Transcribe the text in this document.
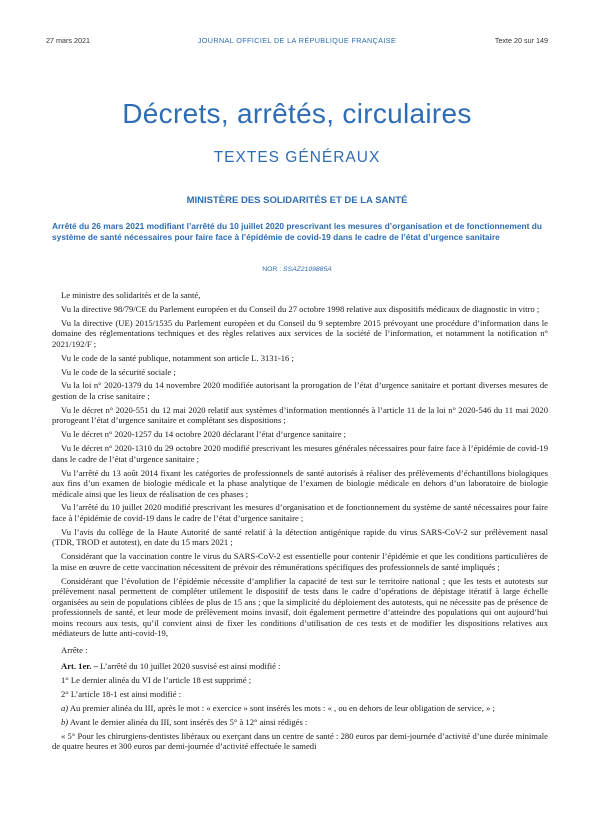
27 mars 2021	JOURNAL OFFICIEL DE LA RÉPUBLIQUE FRANÇAISE	Texte 20 sur 149
Décrets, arrêtés, circulaires
TEXTES GÉNÉRAUX
MINISTÈRE DES SOLIDARITÉS ET DE LA SANTÉ
Arrêté du 26 mars 2021 modifiant l’arrêté du 10 juillet 2020 prescrivant les mesures d’organisation et de fonctionnement du système de santé nécessaires pour faire face à l’épidémie de covid-19 dans le cadre de l’état d’urgence sanitaire
NOR : SSAZ2109885A

Le ministre des solidarités et de la santé,

Vu la directive 98/79/CE du Parlement européen et du Conseil du 27 octobre 1998 relative aux dispositifs médicaux de diagnostic in vitro ;

Vu la directive (UE) 2015/1535 du Parlement européen et du Conseil du 9 septembre 2015 prévoyant une procédure d’information dans le domaine des réglementations techniques et des règles relatives aux services de la société de l’information, et notamment la notification n° 2021/192/F ;

Vu le code de la santé publique, notamment son article L. 3131-16 ;

Vu le code de la sécurité sociale ;

Vu la loi n° 2020-1379 du 14 novembre 2020 modifiée autorisant la prorogation de l’état d’urgence sanitaire et portant diverses mesures de gestion de la crise sanitaire ;

Vu le décret n° 2020-551 du 12 mai 2020 relatif aux systèmes d’information mentionnés à l’article 11 de la loi n° 2020-546 du 11 mai 2020 prorogeant l’état d’urgence sanitaire et complétant ses dispositions ;

Vu le décret n° 2020-1257 du 14 octobre 2020 déclarant l’état d’urgence sanitaire ;

Vu le décret n° 2020-1310 du 29 octobre 2020 modifié prescrivant les mesures générales nécessaires pour faire face à l’épidémie de covid-19 dans le cadre de l’état d’urgence sanitaire ;

Vu l’arrêté du 13 août 2014 fixant les catégories de professionnels de santé autorisés à réaliser des prélèvements d’échantillons biologiques aux fins d’un examen de biologie médicale et la phase analytique de l’examen de biologie médicale en dehors d’un laboratoire de biologie médicale ainsi que les lieux de réalisation de ces phases ;

Vu l’arrêté du 10 juillet 2020 modifié prescrivant les mesures d’organisation et de fonctionnement du système de santé nécessaires pour faire face à l’épidémie de covid-19 dans le cadre de l’état d’urgence sanitaire ;

Vu l’avis du collège de la Haute Autorité de santé relatif à la détection antigénique rapide du virus SARS-CoV-2 sur prélèvement nasal (TDR, TROD et autotest), en date du 15 mars 2021 ;

Considérant que la vaccination contre le virus du SARS-CoV-2 est essentielle pour contenir l’épidémie et que les conditions particulières de la mise en œuvre de cette vaccination nécessitent de prévoir des rémunérations spécifiques des professionnels de santé impliqués ;

Considérant que l’évolution de l’épidémie nécessite d’amplifier la capacité de test sur le territoire national ; que les tests et autotests sur prélèvement nasal permettent de compléter utilement le dispositif de tests dans le cadre d’opérations de dépistage itératif à large échelle organisées au sein de populations ciblées de plus de 15 ans ; que la simplicité du déploiement des autotests, qui ne nécessite pas de présence de professionnels de santé, et leur mode de prélèvement moins invasif, doit également permettre d’atteindre des populations qui ont aujourd’hui moins recours aux tests, qu’il convient ainsi de fixer les conditions d’utilisation de ces tests et de modifier les dispositions relatives aux médiateurs de lutte anti-covid-19,

Arrête :

Art. 1er. – L’arrêté du 10 juillet 2020 susvisé est ainsi modifié :

1° Le dernier alinéa du VI de l’article 18 est supprimé ;

2° L’article 18-1 est ainsi modifié :

a) Au premier alinéa du III, après le mot : « exercice » sont insérés les mots : « , ou en dehors de leur obligation de service, » ;

b) Avant le dernier alinéa du III, sont insérés des 5° à 12° ainsi rédigés :

« 5° Pour les chirurgiens-dentistes libéraux ou exerçant dans un centre de santé : 280 euros par demi-journée d’activité d’une durée minimale de quatre heures et 300 euros par demi-journée d’activité effectuée le samedi
